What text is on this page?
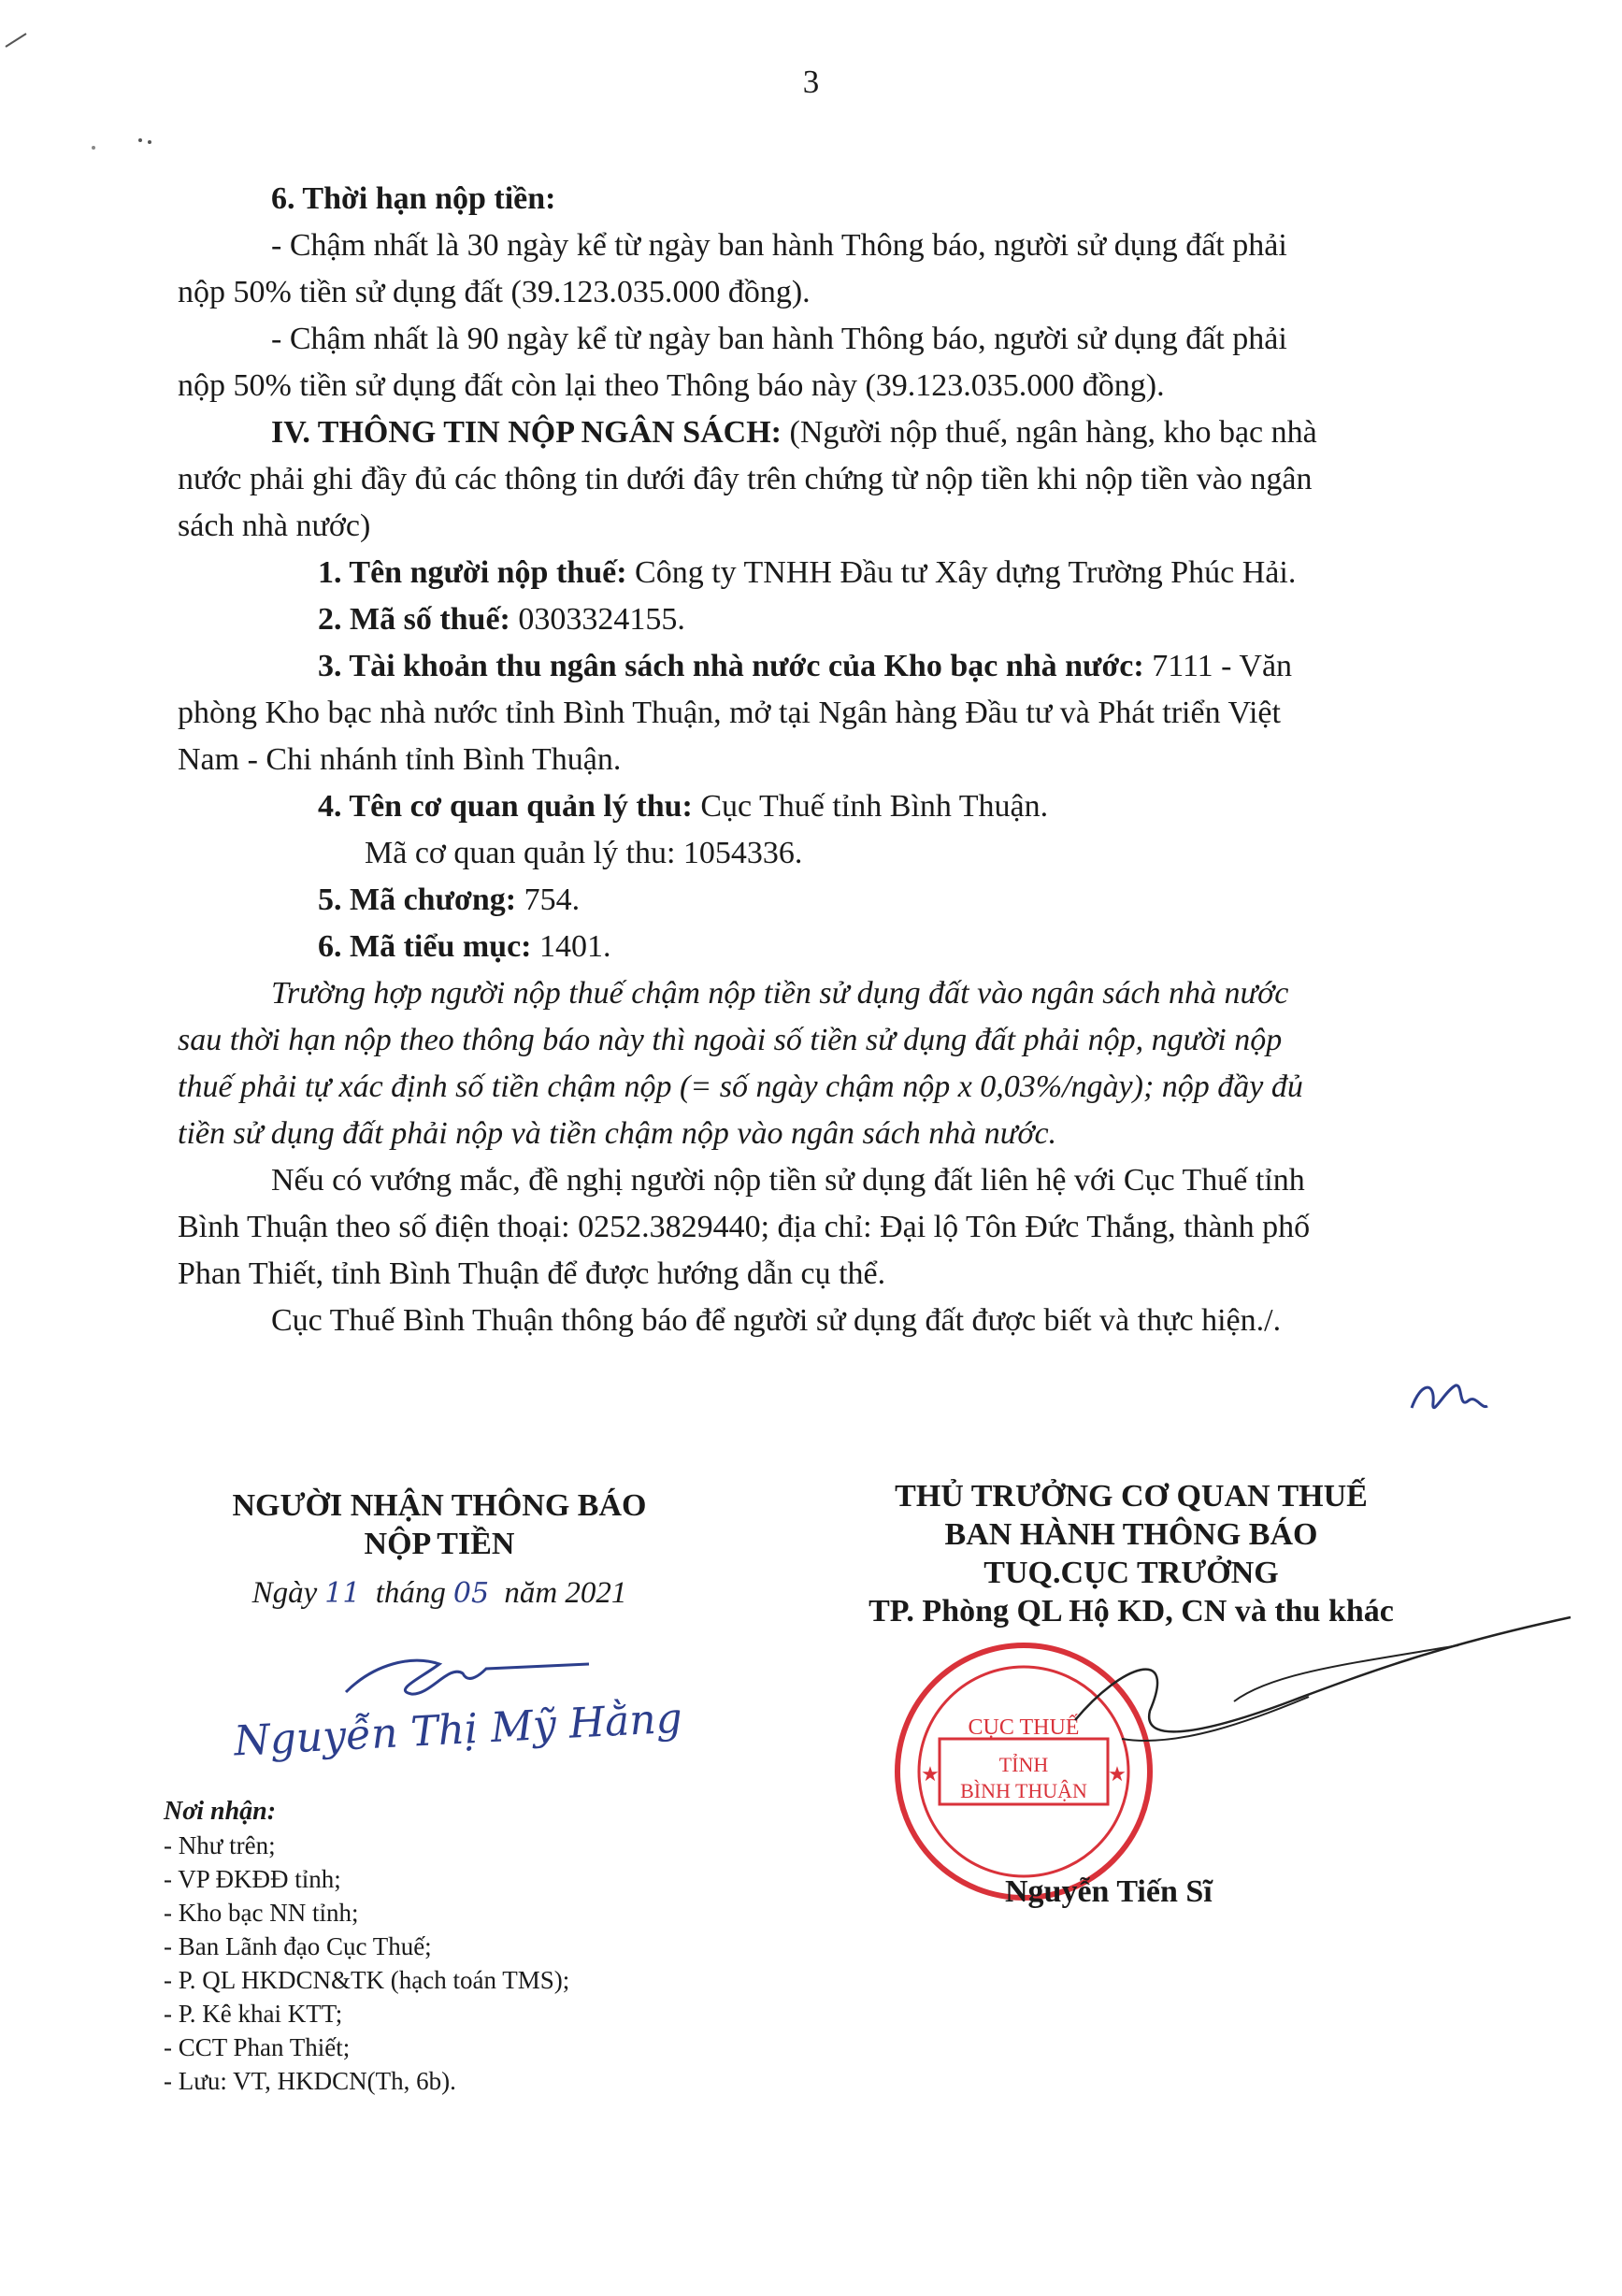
3

6. Thời hạn nộp tiền:

- Chậm nhất là 30 ngày kể từ ngày ban hành Thông báo, người sử dụng đất phải

nộp 50% tiền sử dụng đất (39.123.035.000 đồng).

- Chậm nhất là 90 ngày kể từ ngày ban hành Thông báo, người sử dụng đất phải

nộp 50% tiền sử dụng đất còn lại theo Thông báo này (39.123.035.000 đồng).

IV. THÔNG TIN NỘP NGÂN SÁCH: (Người nộp thuế, ngân hàng, kho bạc nhà

nước phải ghi đầy đủ các thông tin dưới đây trên chứng từ nộp tiền khi nộp tiền vào ngân

sách nhà nước)

1. Tên người nộp thuế: Công ty TNHH Đầu tư Xây dựng Trường Phúc Hải.

2. Mã số thuế: 0303324155.

3. Tài khoản thu ngân sách nhà nước của Kho bạc nhà nước: 7111 - Văn

phòng Kho bạc nhà nước tỉnh Bình Thuận, mở tại Ngân hàng Đầu tư và Phát triển Việt

Nam - Chi nhánh tỉnh Bình Thuận.

4. Tên cơ quan quản lý thu: Cục Thuế tỉnh Bình Thuận.

Mã cơ quan quản lý thu: 1054336.

5. Mã chương: 754.

6. Mã tiểu mục: 1401.

Trường hợp người nộp thuế chậm nộp tiền sử dụng đất vào ngân sách nhà nước

sau thời hạn nộp theo thông báo này thì ngoài số tiền sử dụng đất phải nộp, người nộp

thuế phải tự xác định số tiền chậm nộp (= số ngày chậm nộp x 0,03%/ngày); nộp đầy đủ

tiền sử dụng đất phải nộp và tiền chậm nộp vào ngân sách nhà nước.

Nếu có vướng mắc, đề nghị người nộp tiền sử dụng đất liên hệ với Cục Thuế tỉnh

Bình Thuận theo số điện thoại: 0252.3829440; địa chỉ: Đại lộ Tôn Đức Thắng, thành phố

Phan Thiết, tỉnh Bình Thuận để được hướng dẫn cụ thể.

Cục Thuế Bình Thuận thông báo để người sử dụng đất được biết và thực hiện./.

NGƯỜI NHẬN THÔNG BÁO

NỘP TIỀN

Ngày 11 tháng 05 năm 2021
Nguyễn Thị Mỹ Hằng

THỦ TRƯỞNG CƠ QUAN THUẾ

BAN HÀNH THÔNG BÁO

TUQ.CỤC TRƯỞNG

TP. Phòng QL Hộ KD, CN và thu khác

CỤC THUẾ
TỈNH
BÌNH THUẬN
★	★
Nguyễn Tiến Sĩ
Nơi nhận:
- Như trên;
- VP ĐKĐĐ tỉnh;
- Kho bạc NN tỉnh;
- Ban Lãnh đạo Cục Thuế;
- P. QL HKDCN&TK (hạch toán TMS);
- P. Kê khai KTT;
- CCT Phan Thiết;
- Lưu: VT, HKDCN(Th, 6b).
